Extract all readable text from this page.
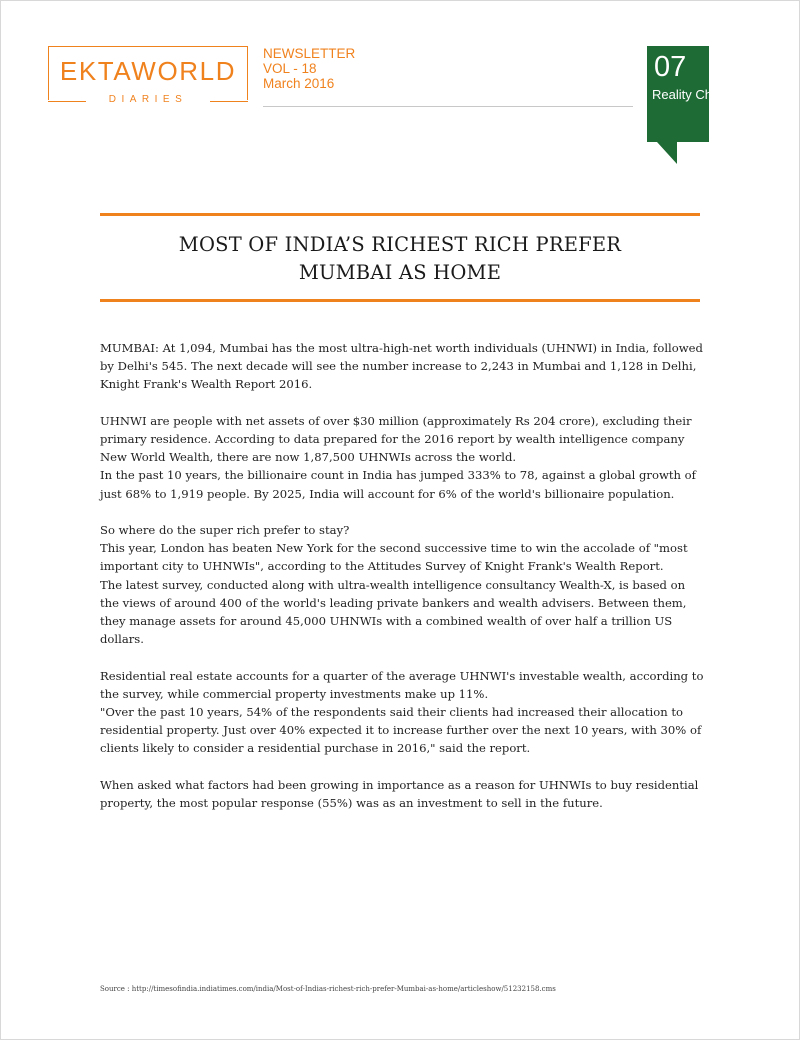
EKTAWORLD
DIARIES
NEWSLETTER
VOL - 18
March 2016
07
Reality Check
MOST OF INDIA’S RICHEST RICH PREFER
MUMBAI AS HOME
MUMBAI: At 1,094, Mumbai has the most ultra-high-net worth individuals (UHNWI) in India, followed by Delhi's 545. The next decade will see the number increase to 2,243 in Mumbai and 1,128 in Delhi, Knight Frank's Wealth Report 2016.
UHNWI are people with net assets of over $30 million (approximately Rs 204 crore), excluding their primary residence. According to data prepared for the 2016 report by wealth intelligence company New World Wealth, there are now 1,87,500 UHNWIs across the world.
In the past 10 years, the billionaire count in India has jumped 333% to 78, against a global growth of just 68% to 1,919 people. By 2025, India will account for 6% of the world's billionaire population.
So where do the super rich prefer to stay?
This year, London has beaten New York for the second successive time to win the accolade of "most important city to UHNWIs", according to the Attitudes Survey of Knight Frank's Wealth Report.
The latest survey, conducted along with ultra-wealth intelligence consultancy Wealth-X, is based on the views of around 400 of the world's leading private bankers and wealth advisers. Between them, they manage assets for around 45,000 UHNWIs with a combined wealth of over half a trillion US dollars.
Residential real estate accounts for a quarter of the average UHNWI's investable wealth, according to the survey, while commercial property investments make up 11%.
"Over the past 10 years, 54% of the respondents said their clients had increased their allocation to residential property. Just over 40% expected it to increase further over the next 10 years, with 30% of clients likely to consider a residential purchase in 2016," said the report.
When asked what factors had been growing in importance as a reason for UHNWIs to buy residential property, the most popular response (55%) was as an investment to sell in the future.
Source : http://timesofindia.indiatimes.com/india/Most-of-Indias-richest-rich-prefer-Mumbai-as-home/articleshow/51232158.cms
